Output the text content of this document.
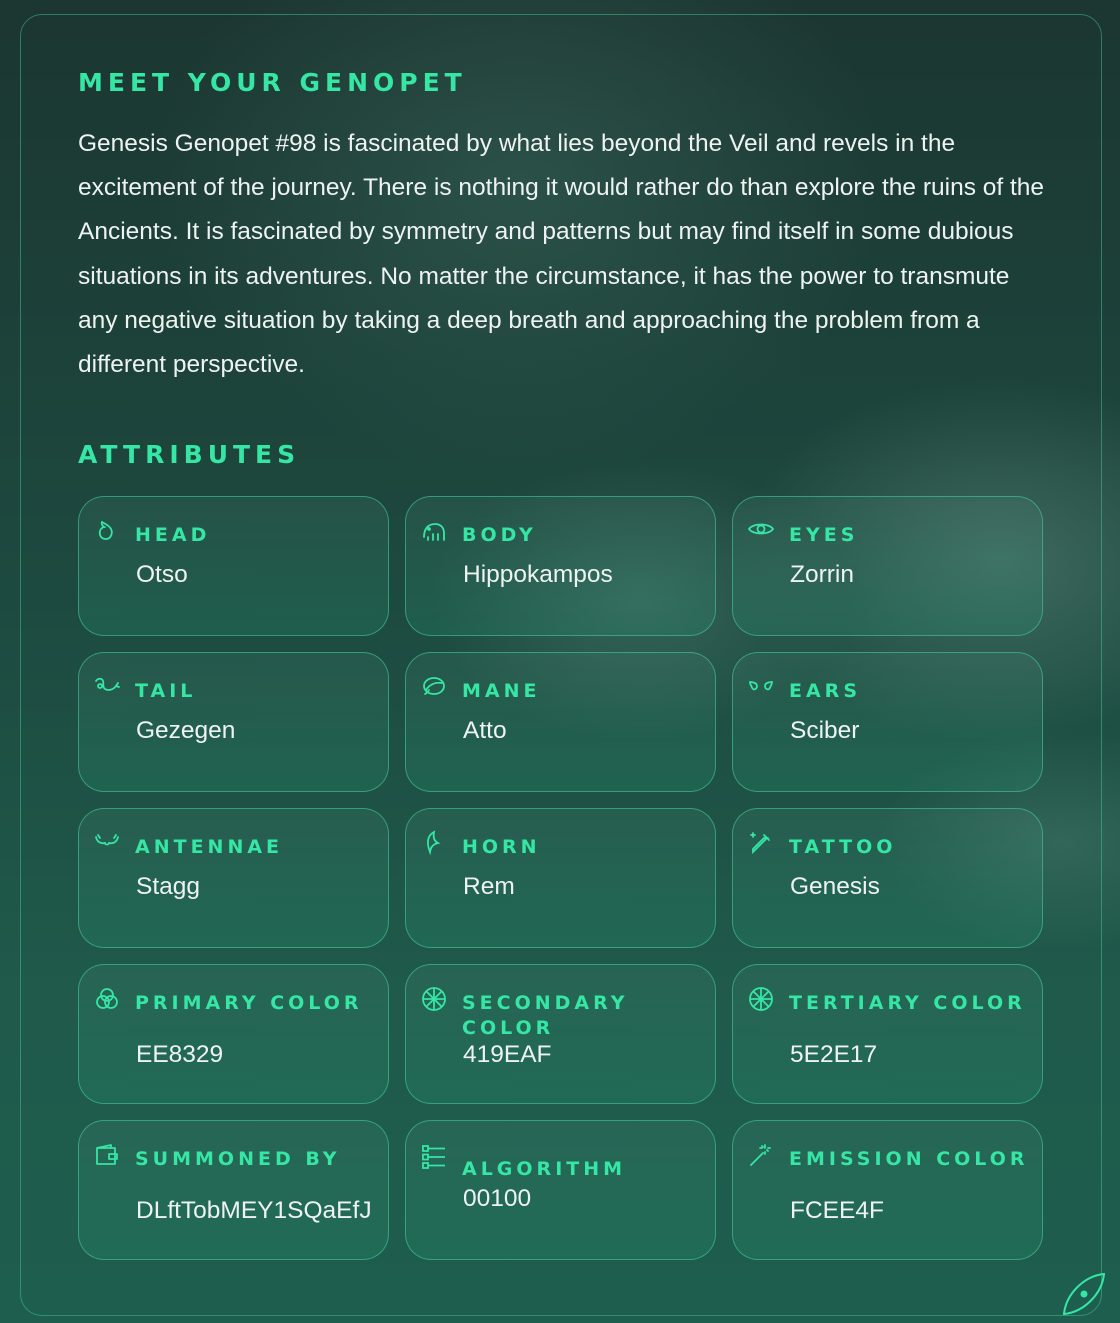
MEET YOUR GENOPET

Genesis Genopet #98 is fascinated by what lies beyond the Veil and revels in the excitement of the journey. There is nothing it would rather do than explore the ruins of the Ancients. It is fascinated by symmetry and patterns but may find itself in some dubious situations in its adventures. No matter the circumstance, it has the power to transmute any negative situation by taking a deep breath and approaching the problem from a different perspective.

ATTRIBUTES
HEAD
Otso
BODY
Hippokampos
EYES
Zorrin
TAIL
Gezegen
MANE
Atto
EARS
Sciber
ANTENNAE
Stagg
HORN
Rem
TATTOO
Genesis
PRIMARY COLOR
EE8329
SECONDARY COLOR
419EAF
TERTIARY COLOR
5E2E17
SUMMONED BY
DLftTobMEY1SQaEfJ
ALGORITHM
00100
EMISSION COLOR
FCEE4F
